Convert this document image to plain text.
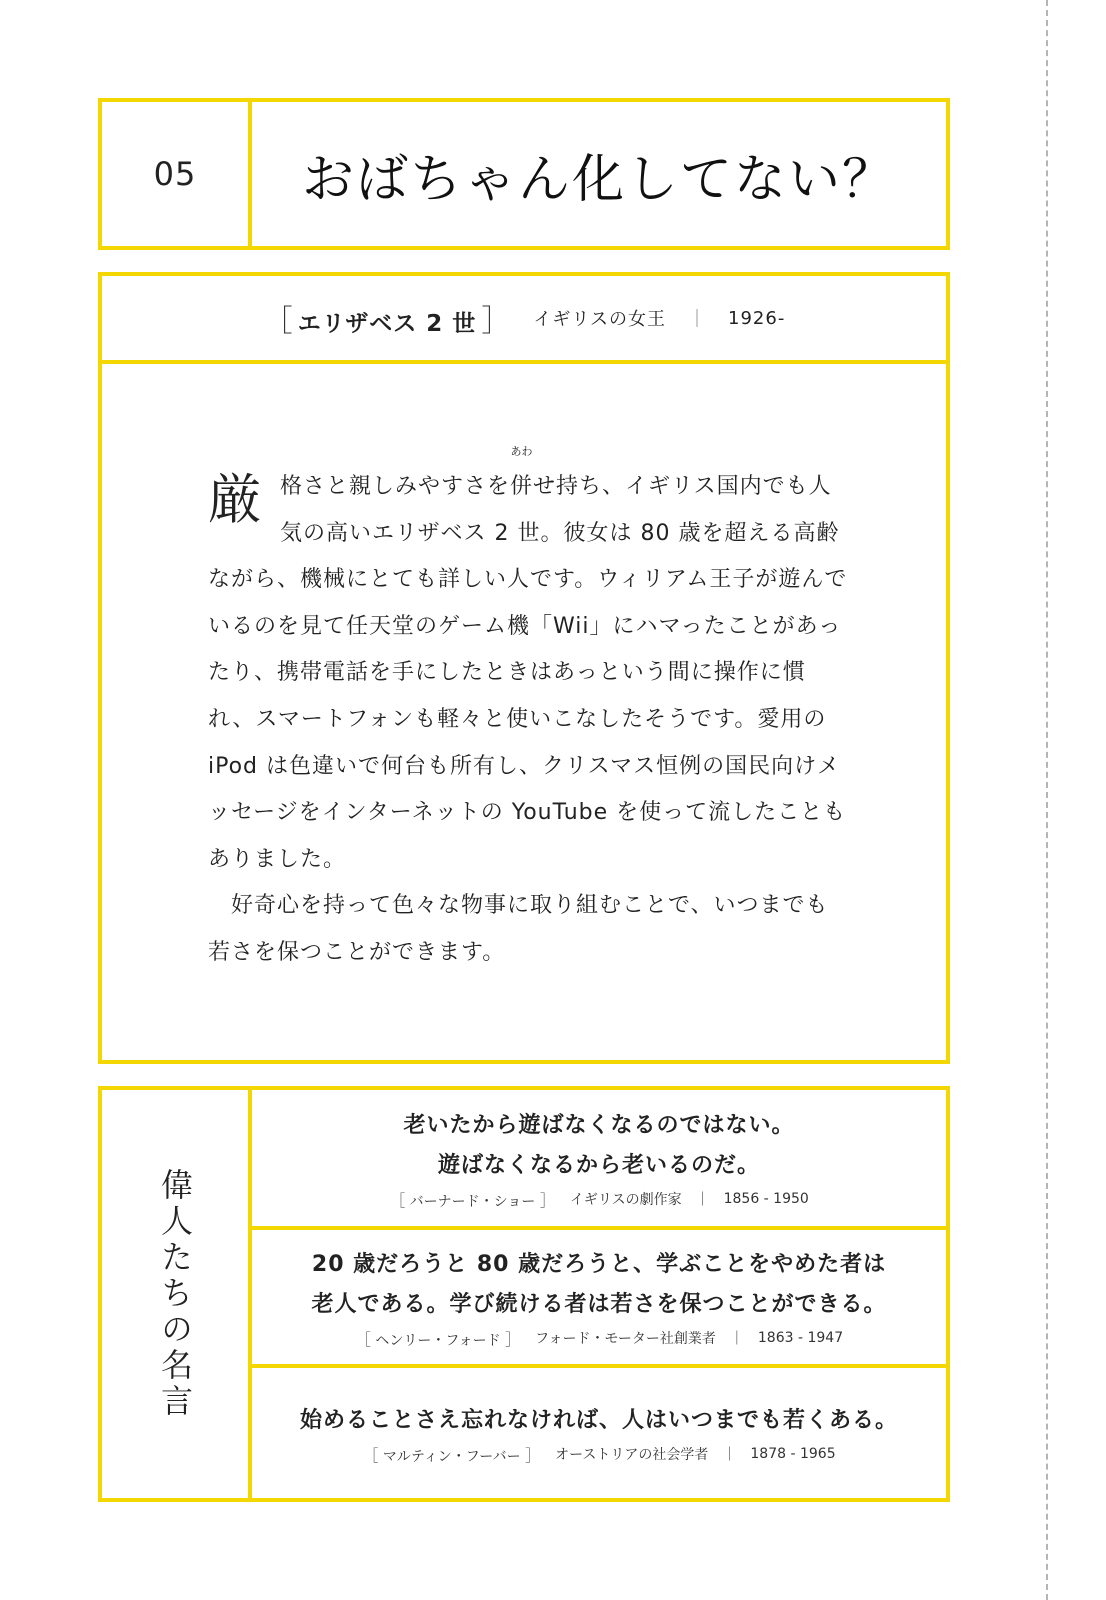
05	おばちゃん化してない？
［ エリザベス 2 世 ］ イギリスの女王 ｜ 1926-
厳 格さと親しみやすさを
あわ
併せ持ち、イギリス国内でも人気の高いエリザベス 2 世。彼女は 80 歳を超える高齢ながら、機械にとても詳しい人です。ウィリアム王子が遊んでいるのを見て任天堂のゲーム機「Wii」にハマったことがあったり、携帯電話を手にしたときはあっという間に操作に慣れ、スマートフォンも軽々と使いこなしたそうです。愛用の iPod は色違いで何台も所有し、クリスマス恒例の国民向けメッセージをインターネットの YouTube を使って流したこともありました。

　好奇心を持って色々な物事に取り組むことで、いつまでも若さを保つことができます。

偉人たちの名言
老いたから遊ばなくなるのではない。
遊ばなくなるから老いるのだ。
［ バーナード・ショー ］ イギリスの劇作家 ｜ 1856 - 1950
20 歳だろうと 80 歳だろうと、学ぶことをやめた者は
老人である。学び続ける者は若さを保つことができる。
［ ヘンリー・フォード ］ フォード・モーター社創業者 ｜ 1863 - 1947
始めることさえ忘れなければ、人はいつまでも若くある。
［ マルティン・フーバー ］ オーストリアの社会学者 ｜ 1878 - 1965
